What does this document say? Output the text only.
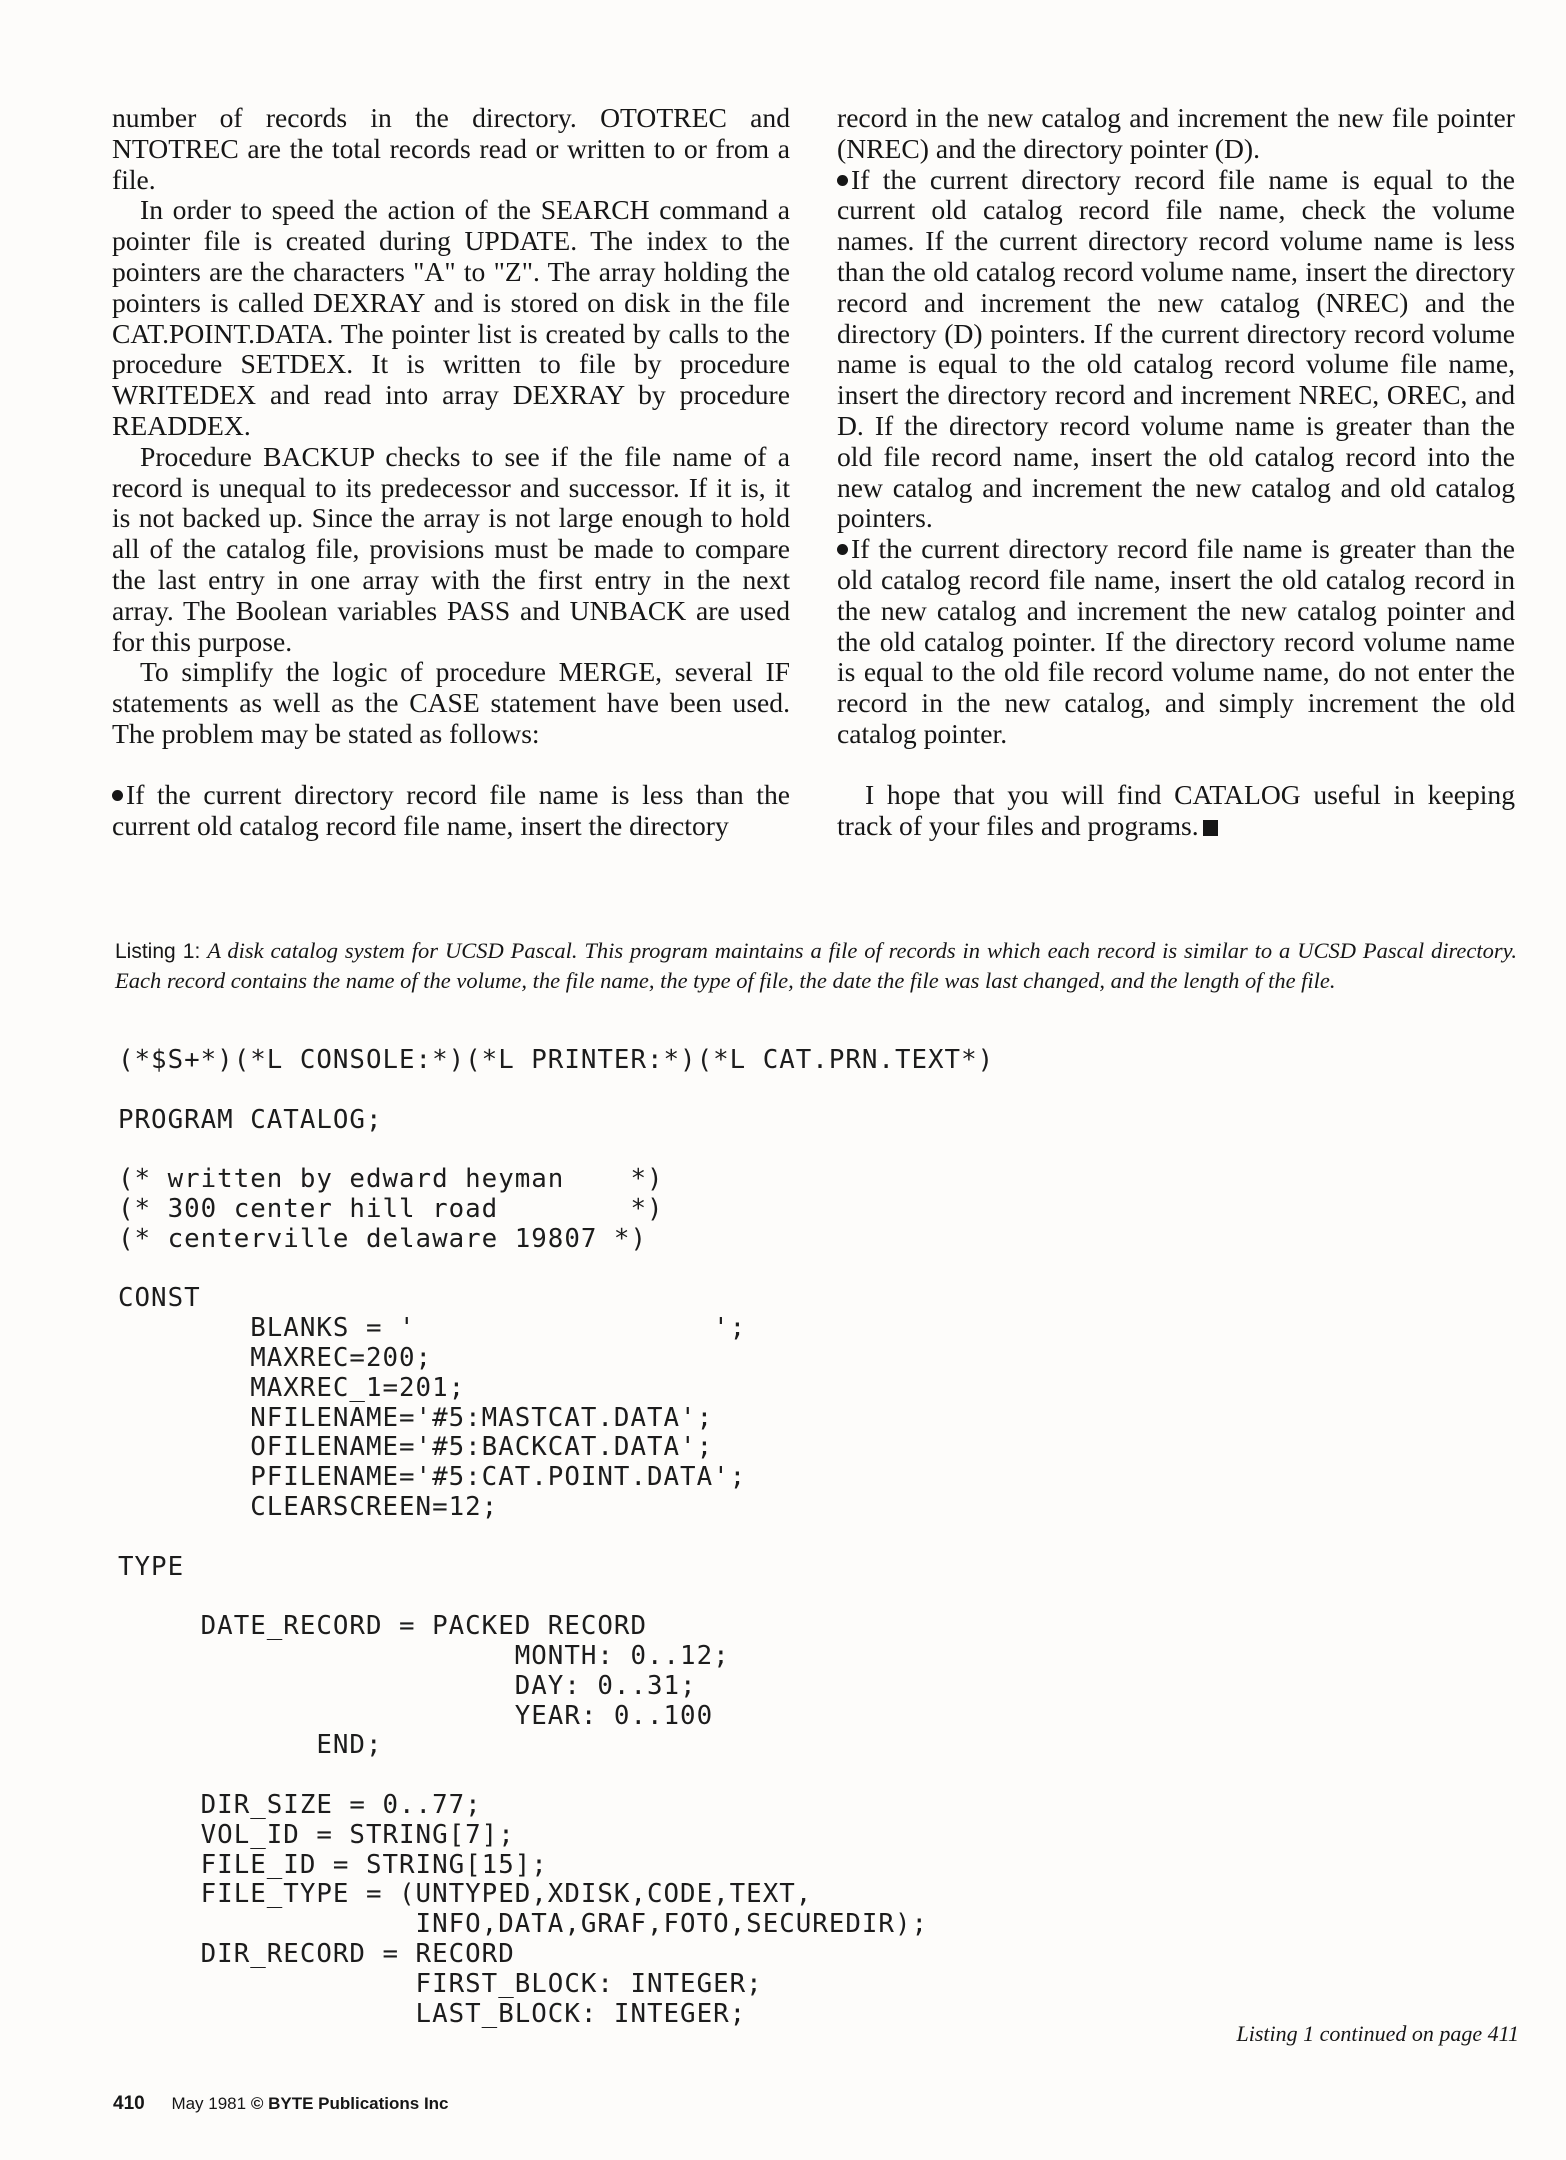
number of records in the directory. OTOTREC and NTOTREC are the total records read or written to or from a file.

In order to speed the action of the SEARCH command a pointer file is created during UPDATE. The index to the pointers are the characters "A" to "Z". The array holding the pointers is called DEXRAY and is stored on disk in the file CAT.POINT.DATA. The pointer list is created by calls to the procedure SETDEX. It is written to file by procedure WRITEDEX and read into array DEXRAY by procedure READDEX.

Procedure BACKUP checks to see if the file name of a record is unequal to its predecessor and successor. If it is, it is not backed up. Since the array is not large enough to hold all of the catalog file, provisions must be made to compare the last entry in one array with the first entry in the next array. The Boolean variables PASS and UNBACK are used for this purpose.

To simplify the logic of procedure MERGE, several IF statements as well as the CASE statement have been used. The problem may be stated as follows:

If the current directory record file name is less than the current old catalog record file name, insert the directory

record in the new catalog and increment the new file pointer (NREC) and the directory pointer (D).

If the current directory record file name is equal to the current old catalog record file name, check the volume names. If the current directory record volume name is less than the old catalog record volume name, insert the directory record and increment the new catalog (NREC) and the directory (D) pointers. If the current directory record volume name is equal to the old catalog record volume file name, insert the directory record and increment NREC, OREC, and D. If the directory record volume name is greater than the old file record name, insert the old catalog record into the new catalog and increment the new catalog and old catalog pointers.

If the current directory record file name is greater than the old catalog record file name, insert the old catalog record in the new catalog and increment the new catalog pointer and the old catalog pointer. If the directory record volume name is equal to the old file record volume name, do not enter the record in the new catalog, and simply increment the old catalog pointer.

I hope that you will find CATALOG useful in keeping track of your files and programs.

Listing 1: A disk catalog system for UCSD Pascal. This program maintains a file of records in which each record is similar to a UCSD Pascal directory. Each record contains the name of the volume, the file name, the type of file, the date the file was last changed, and the length of the file.
(*$S+*)(*L CONSOLE:*)(*L PRINTER:*)(*L CAT.PRN.TEXT*)

PROGRAM CATALOG;

(* written by edward heyman    *)
(* 300 center hill road        *)
(* centerville delaware 19807 *)

CONST
BLANKS = '                  ';
MAXREC=200;
MAXREC_1=201;
NFILENAME='#5:MASTCAT.DATA';
OFILENAME='#5:BACKCAT.DATA';
PFILENAME='#5:CAT.POINT.DATA';
CLEARSCREEN=12;

TYPE

DATE_RECORD = PACKED RECORD
MONTH: 0..12;
DAY: 0..31;
YEAR: 0..100
END;

DIR_SIZE = 0..77;
VOL_ID = STRING[7];
FILE_ID = STRING[15];
FILE_TYPE = (UNTYPED,XDISK,CODE,TEXT,
INFO,DATA,GRAF,FOTO,SECUREDIR);
DIR_RECORD = RECORD
FIRST_BLOCK: INTEGER;
LAST_BLOCK: INTEGER;
Listing 1 continued on page 411
410 May 1981 © BYTE Publications Inc
